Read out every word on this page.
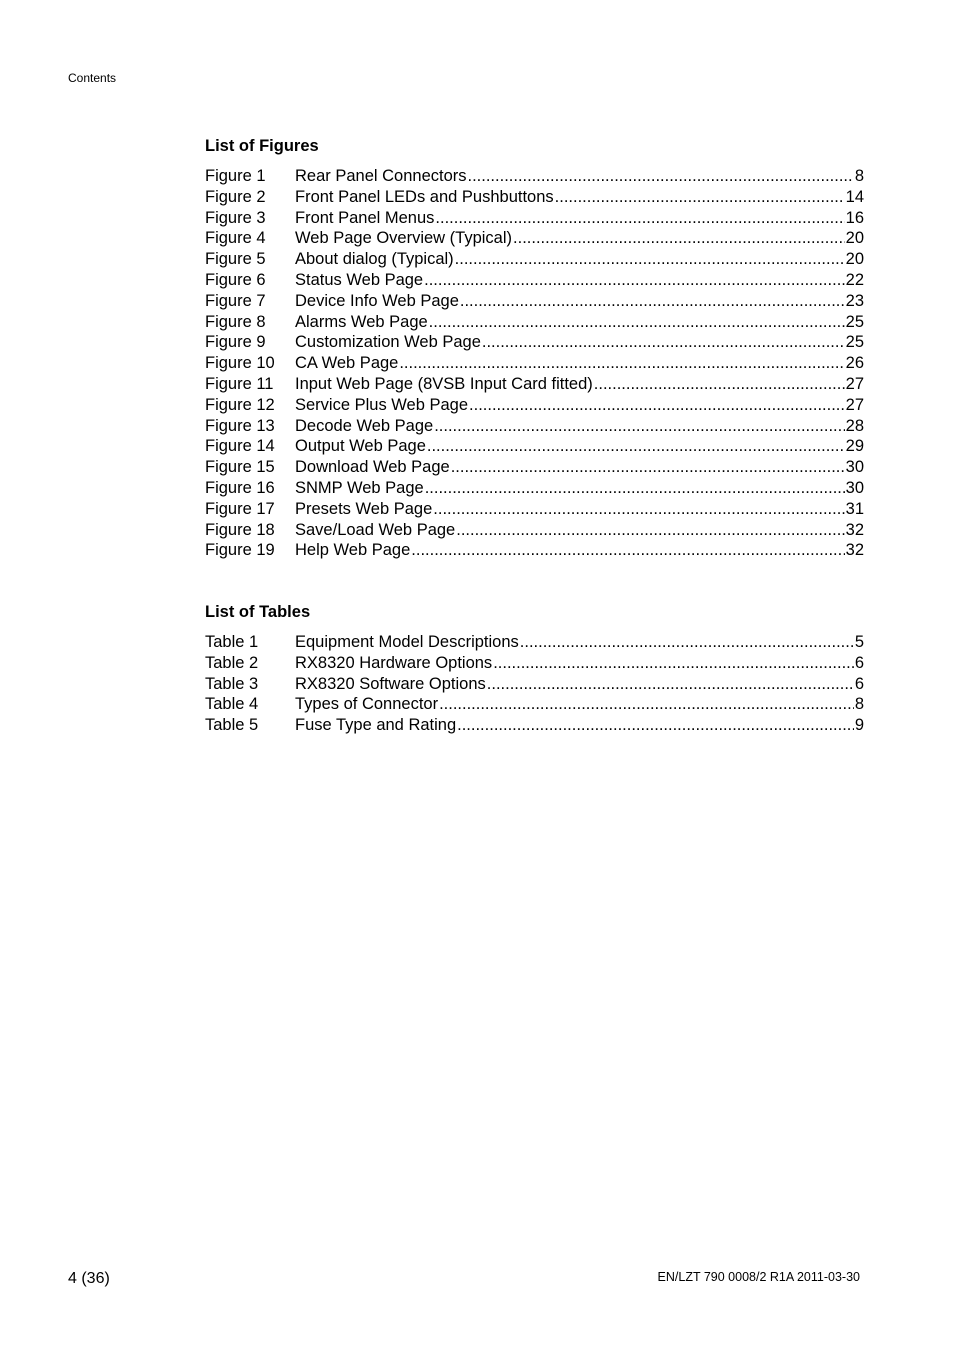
Contents
List of Figures
Figure 1	Rear Panel Connectors .....	8
Figure 2	Front Panel LEDs and Pushbuttons .....	14
Figure 3	Front Panel Menus .....	16
Figure 4	Web Page Overview (Typical) .....	20
Figure 5	About dialog (Typical) .....	20
Figure 6	Status Web Page .....	22
Figure 7	Device Info Web Page .....	23
Figure 8	Alarms Web Page .....	25
Figure 9	Customization Web Page .....	25
Figure 10	CA Web Page .....	26
Figure 11	Input Web Page (8VSB Input Card fitted) .....	27
Figure 12	Service Plus Web Page .....	27
Figure 13	Decode Web Page .....	28
Figure 14	Output Web Page .....	29
Figure 15	Download Web Page .....	30
Figure 16	SNMP Web Page .....	30
Figure 17	Presets Web Page .....	31
Figure 18	Save/Load Web Page .....	32
Figure 19	Help Web Page .....	32
List of Tables
Table 1	Equipment Model Descriptions .....	5
Table 2	RX8320 Hardware Options .....	6
Table 3	RX8320 Software Options .....	6
Table 4	Types of Connector .....	8
Table 5	Fuse Type and Rating .....	9
4 (36)	EN/LZT 790 0008/2 R1A 2011-03-30
